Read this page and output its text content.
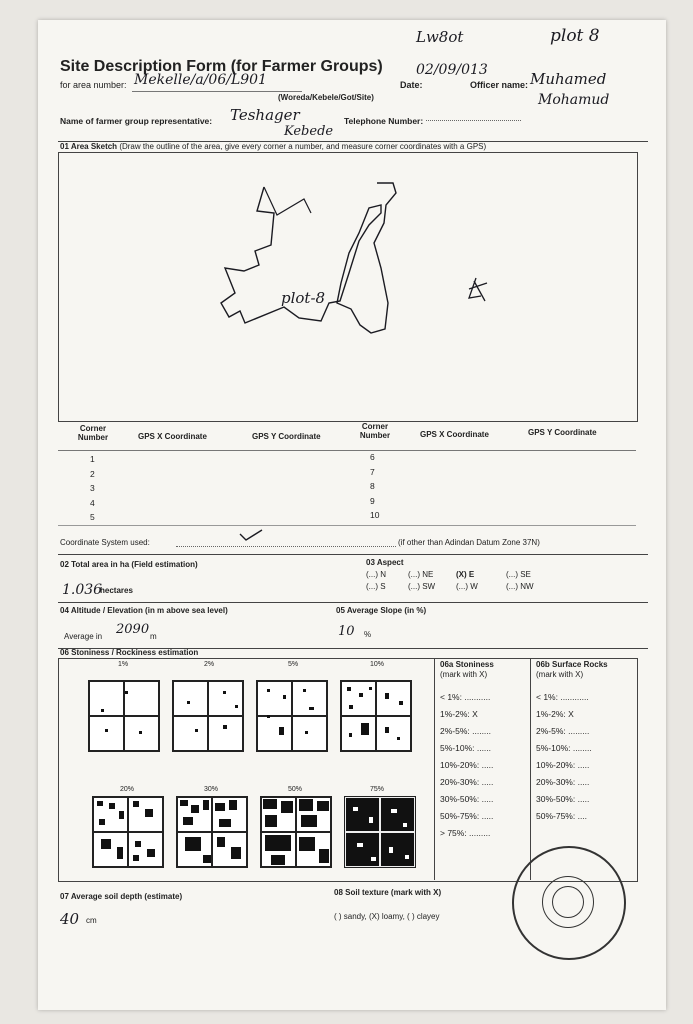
Lw8ot	plot 8
Site Description Form (for Farmer Groups)
for area number: Mekelle/a/06/L901
(Woreda/Kebele/Got/Site)
Date:
02/09/013
Officer name: Muhamed
Mohamud
Name of farmer group representative: Teshager
Kebede
Telephone Number:
01 Area Sketch (Draw the outline of the area, give every corner a number, and measure corner coordinates with a GPS)
plot-8
Corner Number	GPS X Coordinate	GPS Y Coordinate
Corner Number	GPS X Coordinate	GPS Y Coordinate
1
2
3
4
5
6
7
8
9
10
Coordinate System used:	(if other than Adindan Datum Zone 37N)
02 Total area in ha (Field estimation)
1.036
hectares
03 Aspect
(...) N	(...) NE	(X) E	(...) SE
(...) S	(...) SW	(...) W	(...) NW
04 Altitude / Elevation (in m above sea level)
Average in 2090 m
05 Average Slope (in %)
10 %
06 Stoniness / Rockiness estimation
1%	2%	5%	10%
20%	30%	50%	75%
06a Stoniness
(mark with X)
< 1%: ...........
1%-2%: X
2%-5%: ........
5%-10%: ......
10%-20%: .....
20%-30%: .....
30%-50%: .....
50%-75%: .....
> 75%: .........
06b Surface Rocks
(mark with X)
< 1%: ............
1%-2%: X
2%-5%: .........
5%-10%: ........
10%-20%: .....
20%-30%: .....
30%-50%: .....
50%-75%: ....
07 Average soil depth (estimate)
40 cm
08 Soil texture (mark with X)
( ) sandy, (X) loamy, ( ) clayey
